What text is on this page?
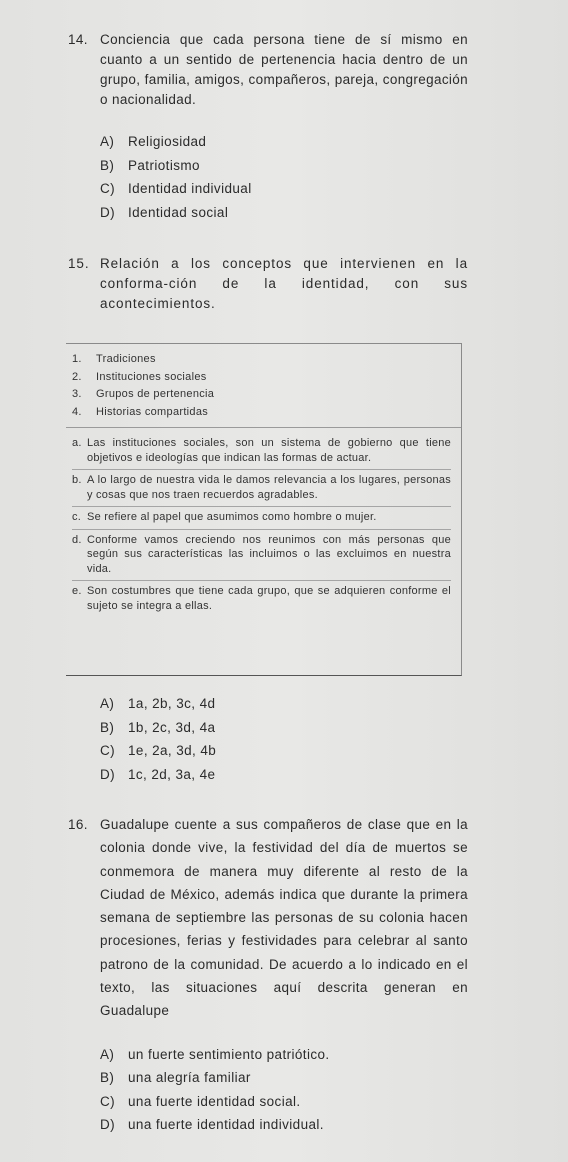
14. Conciencia que cada persona tiene de sí mismo en cuanto a un sentido de pertenencia hacia dentro de un grupo, familia, amigos, compañeros, pareja, congregación o nacionalidad.
A)	Religiosidad
B)	Patriotismo
C) Identidad individual
D) Identidad social
15. Relación a los conceptos que intervienen en la conforma-ción de la identidad, con sus acontecimientos.
1.	Tradiciones
2.	Instituciones sociales
3.	Grupos de pertenencia
4.	Historias compartidas
a. Las instituciones sociales, son un sistema de gobierno que tiene objetivos e ideologías que indican las formas de actuar.
b. A lo largo de nuestra vida le damos relevancia a los lugares, personas y cosas que nos traen recuerdos agradables.
c. Se refiere al papel que asumimos como hombre o mujer.
d. Conforme vamos creciendo nos reunimos con más personas que según sus características las incluimos o las excluimos en nuestra vida.
e. Son costumbres que tiene cada grupo, que se adquieren conforme el sujeto se integra a ellas.
A)	1a, 2b, 3c, 4d
B)	1b, 2c, 3d, 4a
C) 1e, 2a, 3d, 4b
D) 1c, 2d, 3a, 4e
16. Guadalupe cuente a sus compañeros de clase que en la colonia donde vive, la festividad del día de muertos se conmemora de manera muy diferente al resto de la Ciudad de México, además indica que durante la primera semana de septiembre las personas de su colonia hacen procesiones, ferias y festividades para celebrar al santo patrono de la comunidad. De acuerdo a lo indicado en el texto, las situaciones aquí descrita generan en Guadalupe
A)	un fuerte sentimiento patriótico.
B)	una alegría familiar
C) una fuerte identidad social.
D) una fuerte identidad individual.
